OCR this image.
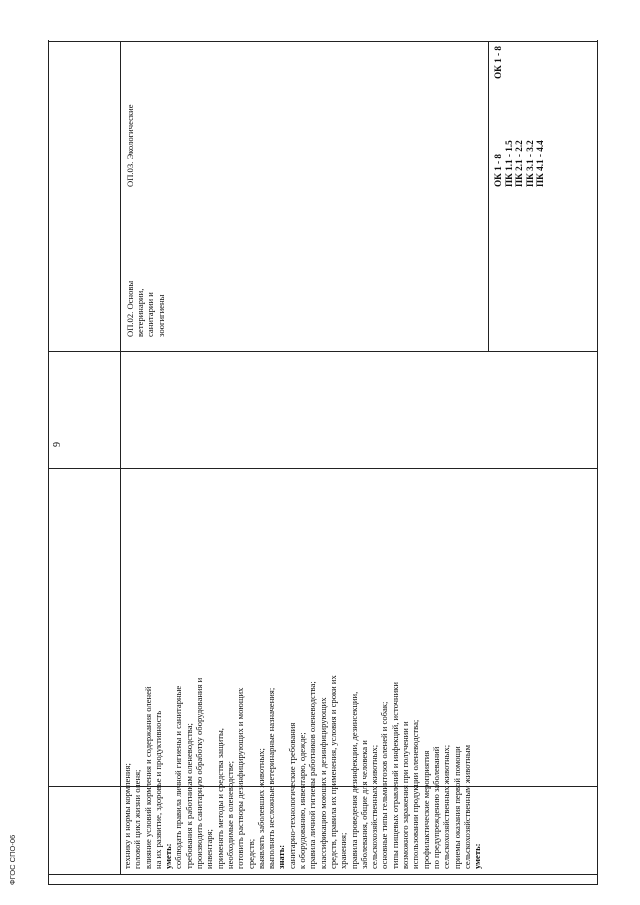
9
ФГОС СПО-06	технику и нормы кормления; головой цикл жизни оленя; влияние условий кормления и содержания оленей на их развитие, здоровье и продуктивность уметь: соблюдать правила личной гигиены и санитарные требования к работникам оленеводства; производить санитарную обработку оборудования и инвентаря; применять методы и средства защиты, необходимые в оленеводстве; готовить растворы дезинфицирующих и моющих средств; выявлять заболевших животных; выполнять несложные ветеринарные назначения; знать: санитарно-технологические требования к оборудованию, инвентарю, одежде; правила личной гигиены работников оленеводства; классификацию моющих и дезинфицирующих средств, правила их применения, условия и сроки их хранения; правила проведения дезинфекции, дезинсекции, заболевания, общие для человека и сельскохозяйственных животных; основные типы гельминтозов оленей и собак; типы пищевых отравлений и инфекций, источники возможного заражения при получении и использовании продукции оленеводства; профилактические мероприятия по предупреждению заболеваний сельскохозяйственных животных; приемы оказания первой помощи сельскохозяйственным животным уметь:
ОП.02. Основы ветеринарии, санитарии и зоогигиены
ОП.03. Экологические	ОК 1 - 8 ПК 1.1 - 1.5 ПК 2.1 - 2.2 ПК 3.1 - 3.2 ПК 4.1 - 4.4
ОК 1 - 8
